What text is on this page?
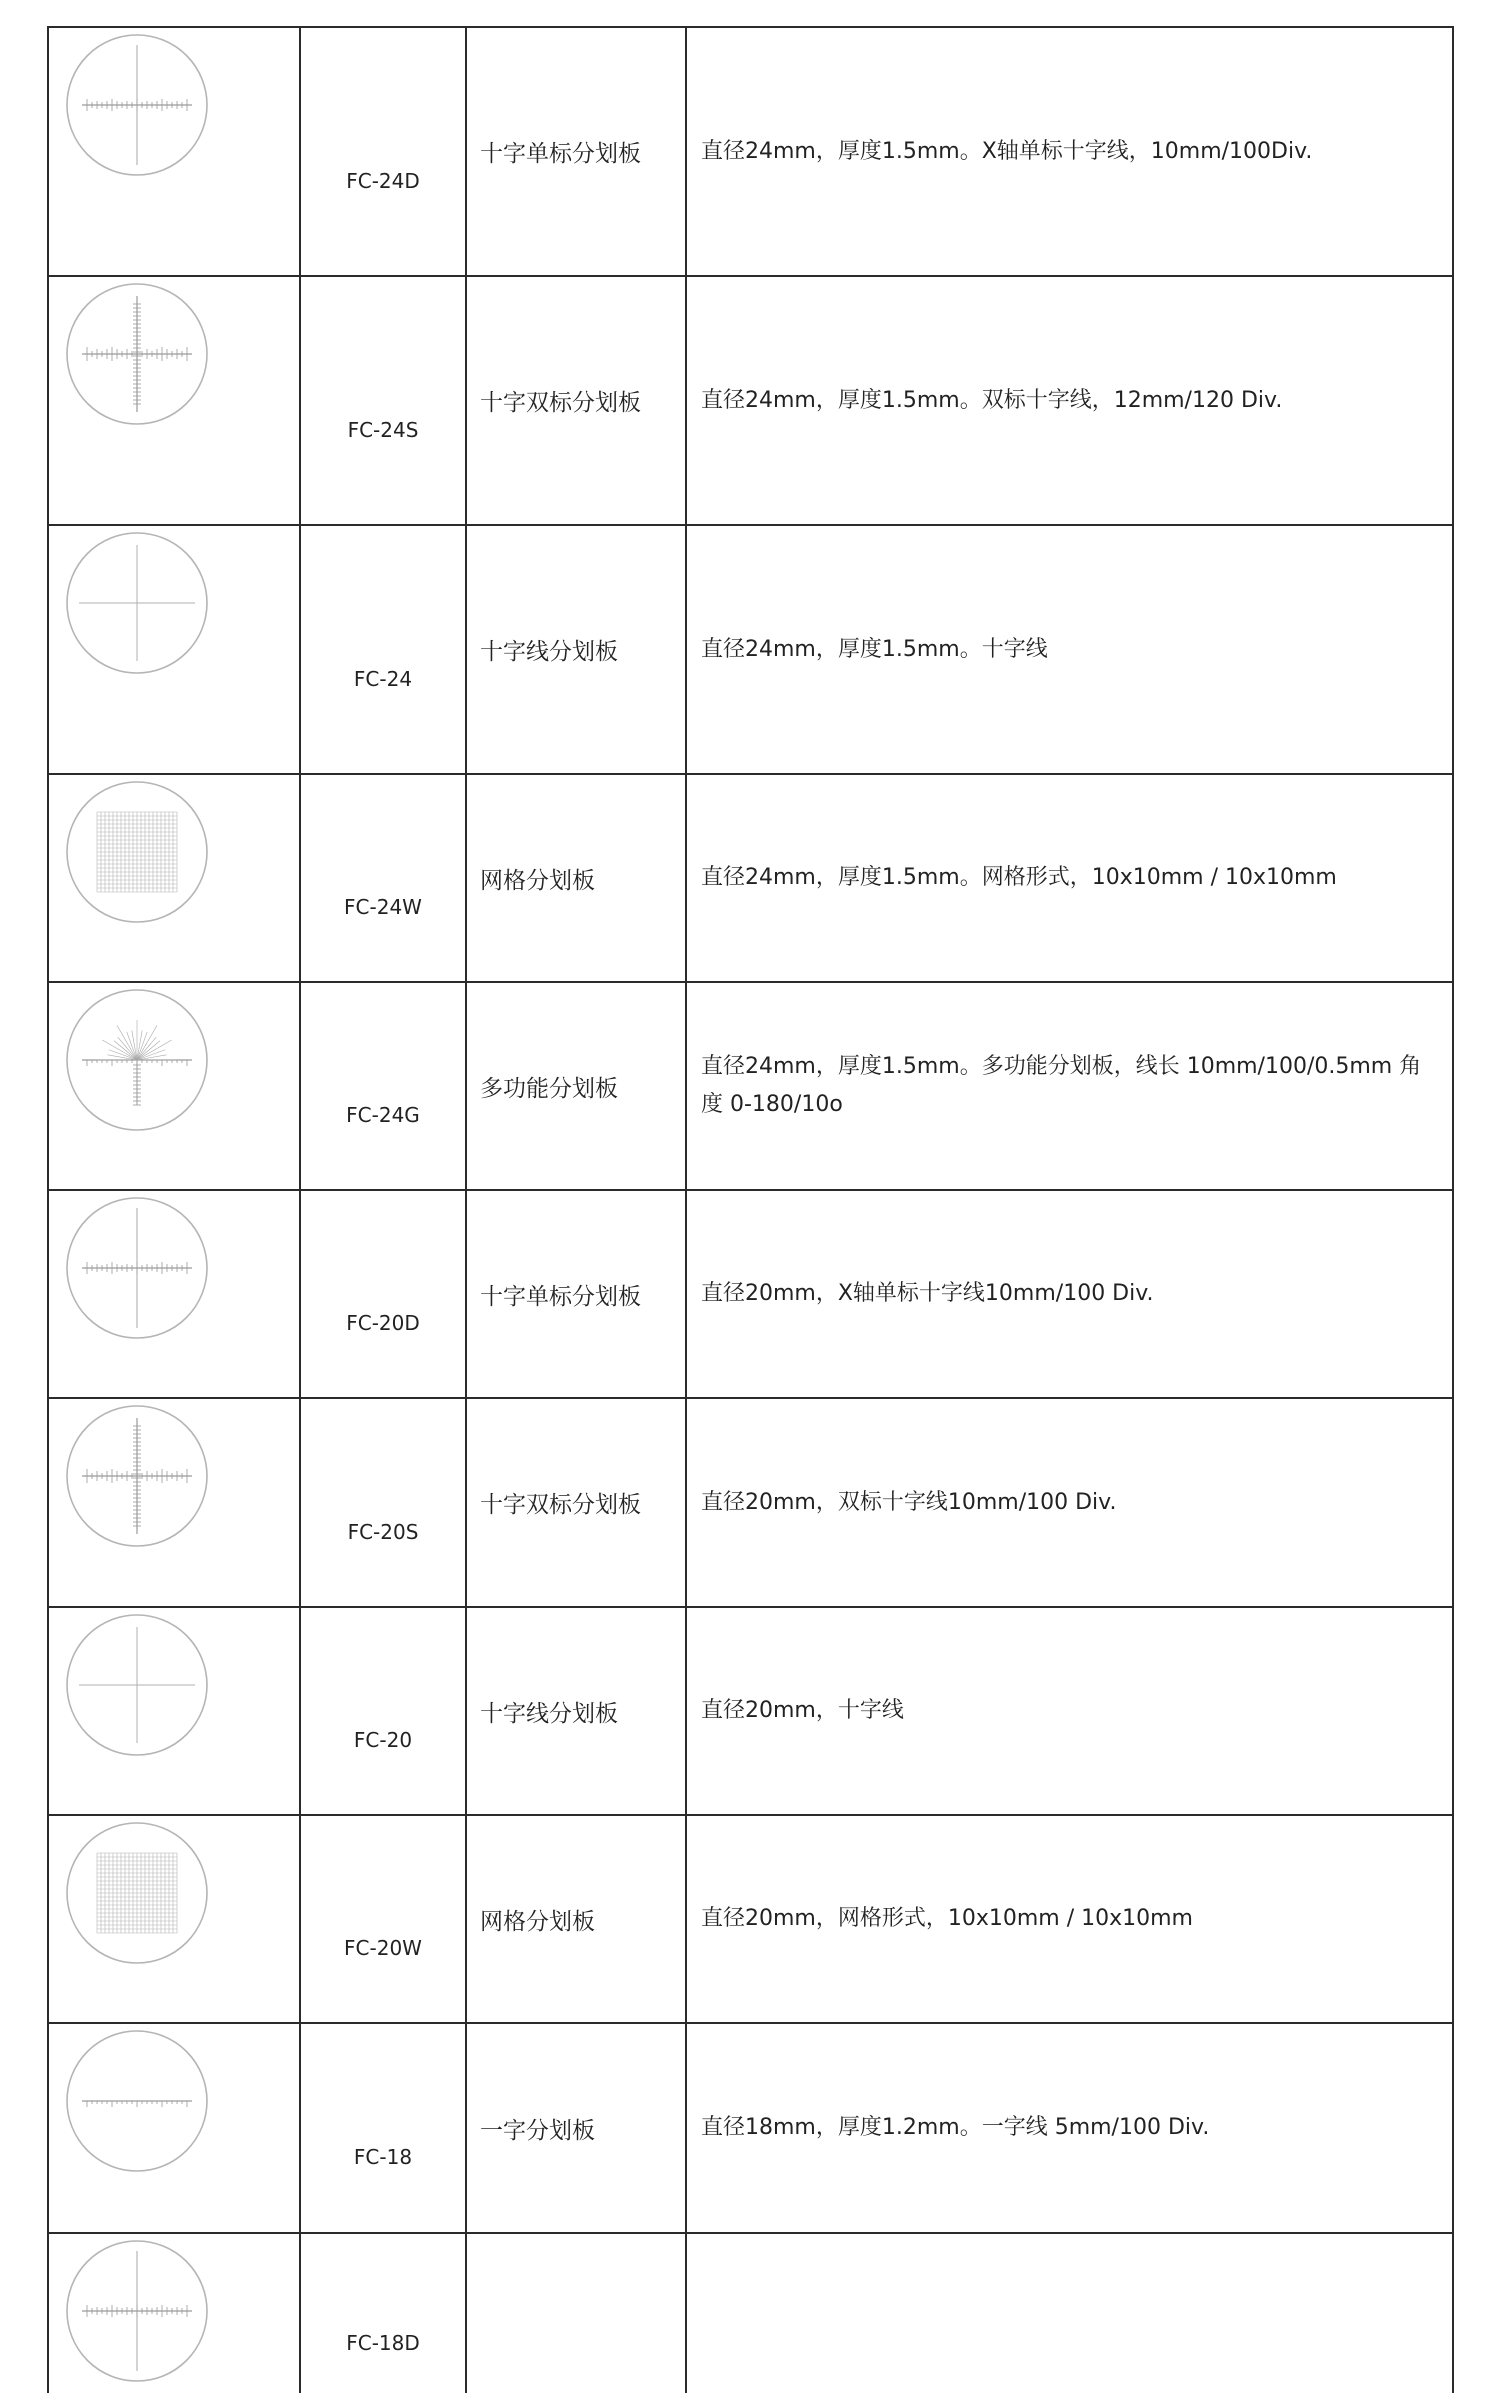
FC-24D	十字单标分划板	直径24mm，厚度1.5mm。X轴单标十字线，10mm/100Div.

FC-24S	十字双标分划板	直径24mm，厚度1.5mm。双标十字线，12mm/120 Div.

FC-24	十字线分划板	直径24mm，厚度1.5mm。十字线

FC-24W	网格分划板	直径24mm，厚度1.5mm。网格形式，10x10mm / 10x10mm

FC-24G	多功能分划板	直径24mm，厚度1.5mm。多功能分划板，线长 10mm/100/0.5mm 角度 0-180/10o

FC-20D	十字单标分划板	直径20mm，X轴单标十字线10mm/100 Div.

FC-20S	十字双标分划板	直径20mm，双标十字线10mm/100 Div.

FC-20	十字线分划板	直径20mm，十字线

FC-20W	网格分划板	直径20mm，网格形式，10x10mm / 10x10mm

FC-18	一字分划板	直径18mm，厚度1.2mm。一字线 5mm/100 Div.

FC-18D		
